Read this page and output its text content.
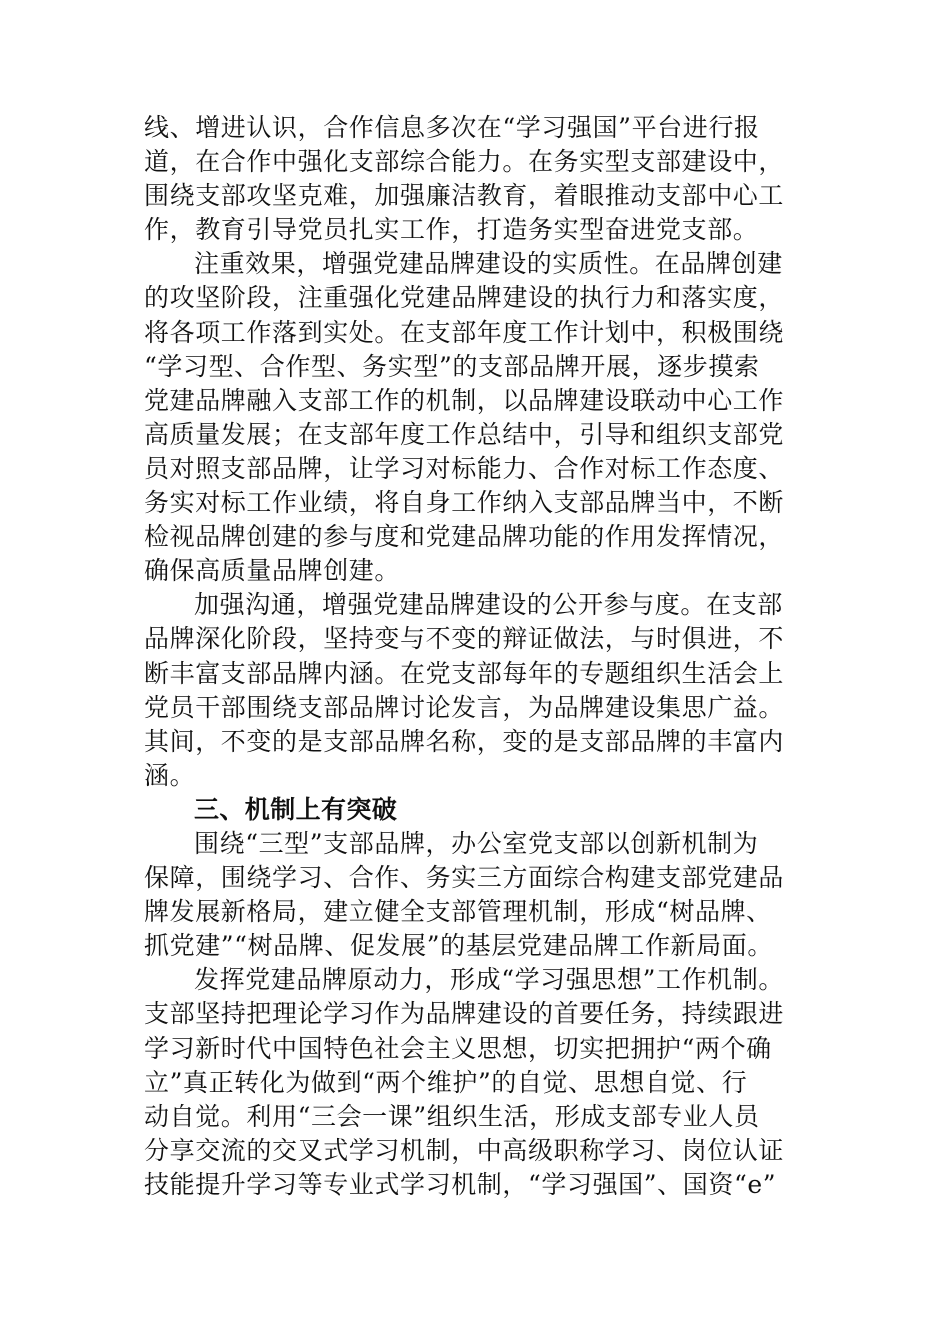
线、增进认识，合作信息多次在“学习强国”平台进行报
道，在合作中强化支部综合能力。在务实型支部建设中，
围绕支部攻坚克难，加强廉洁教育，着眼推动支部中心工
作，教育引导党员扎实工作，打造务实型奋进党支部。
注重效果，增强党建品牌建设的实质性。在品牌创建
的攻坚阶段，注重强化党建品牌建设的执行力和落实度，
将各项工作落到实处。在支部年度工作计划中，积极围绕
“学习型、合作型、务实型”的支部品牌开展，逐步摸索
党建品牌融入支部工作的机制，以品牌建设联动中心工作
高质量发展；在支部年度工作总结中，引导和组织支部党
员对照支部品牌，让学习对标能力、合作对标工作态度、
务实对标工作业绩，将自身工作纳入支部品牌当中，不断
检视品牌创建的参与度和党建品牌功能的作用发挥情况，
确保高质量品牌创建。
加强沟通，增强党建品牌建设的公开参与度。在支部
品牌深化阶段，坚持变与不变的辩证做法，与时俱进，不
断丰富支部品牌内涵。在党支部每年的专题组织生活会上
党员干部围绕支部品牌讨论发言，为品牌建设集思广益。
其间，不变的是支部品牌名称，变的是支部品牌的丰富内
涵。
三、机制上有突破
围绕“三型”支部品牌，办公室党支部以创新机制为
保障，围绕学习、合作、务实三方面综合构建支部党建品
牌发展新格局，建立健全支部管理机制，形成“树品牌、
抓党建”“树品牌、促发展”的基层党建品牌工作新局面。
发挥党建品牌原动力，形成“学习强思想”工作机制。
支部坚持把理论学习作为品牌建设的首要任务，持续跟进
学习新时代中国特色社会主义思想，切实把拥护“两个确
立”真正转化为做到“两个维护”的自觉、思想自觉、行
动自觉。利用“三会一课”组织生活，形成支部专业人员
分享交流的交叉式学习机制，中高级职称学习、岗位认证
技能提升学习等专业式学习机制，“学习强国”、国资“e”
